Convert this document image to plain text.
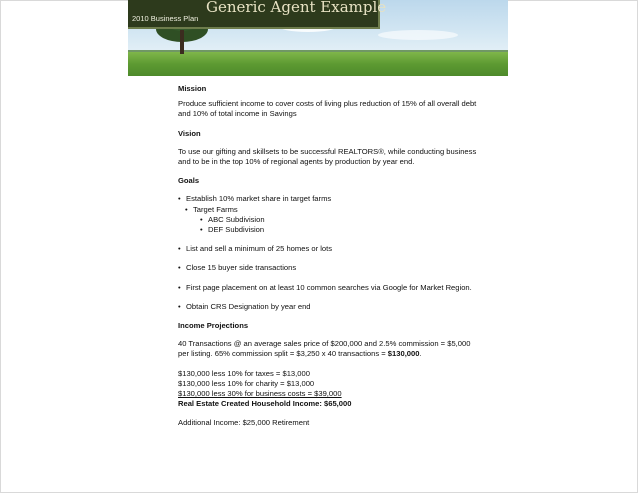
2010 Business Plan
Generic Agent Example

Mission

Produce sufficient income to cover costs of living plus reduction of 15% of all overall debt and 10% of total income in Savings

Vision

To use our gifting and skillsets to be successful REALTORS®, while conducting business and to be in the top 10% of regional agents by production by year end.

Goals

• Establish 10% market share in target farms

• Target Farms

• ABC Subdivision

• DEF Subdivision

• List and sell a minimum of 25 homes or lots

• Close 15 buyer side transactions

• First page placement on at least 10 common searches via Google for Market Region.

• Obtain CRS Designation by year end

Income Projections

40 Transactions @ an average sales price of $200,000 and 2.5% commission = $5,000 per listing. 65% commission split = $3,250 x 40 transactions = $130,000.

$130,000 less 10% for taxes = $13,000

$130,000 less 10% for charity = $13,000

$130,000 less 30% for business costs = $39,000

Real Estate Created Household Income: $65,000

Additional Income: $25,000 Retirement
